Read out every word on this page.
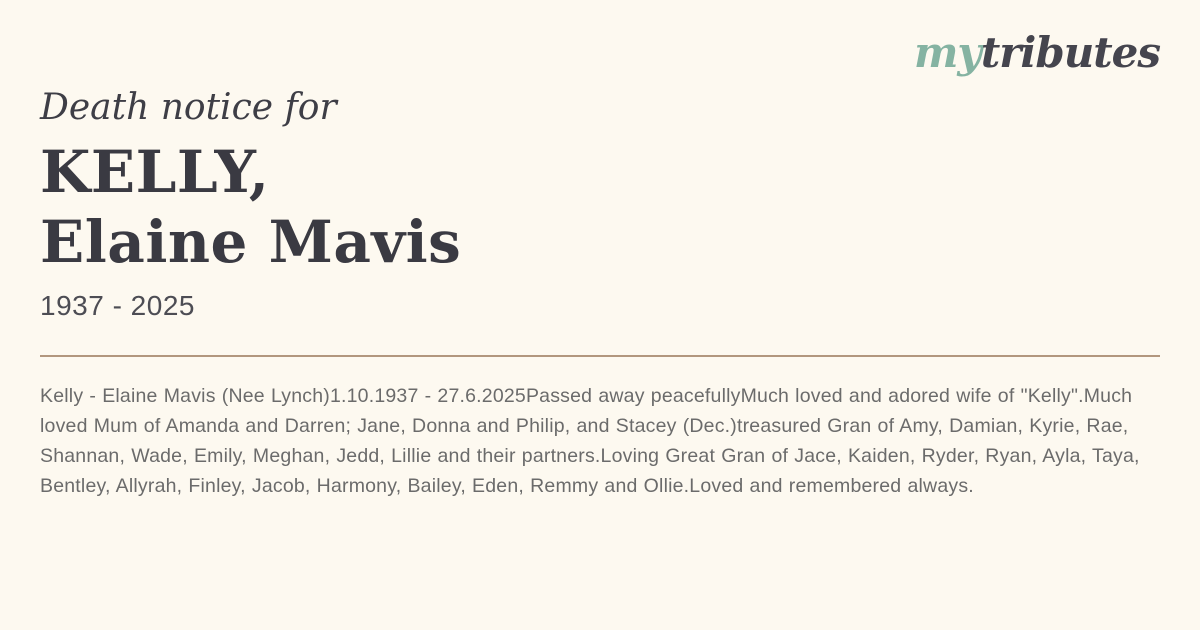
mytributes
Death notice for
KELLY,
Elaine Mavis
1937 - 2025

Kelly - Elaine Mavis (Nee Lynch)1.10.1937 - 27.6.2025Passed away peacefullyMuch loved and adored wife of "Kelly".Much loved Mum of Amanda and Darren; Jane, Donna and Philip, and Stacey (Dec.)treasured Gran of Amy, Damian, Kyrie, Rae, Shannan, Wade, Emily, Meghan, Jedd, Lillie and their partners.Loving Great Gran of Jace, Kaiden, Ryder, Ryan, Ayla, Taya, Bentley, Allyrah, Finley, Jacob, Harmony, Bailey, Eden, Remmy and Ollie.Loved and remembered always.
